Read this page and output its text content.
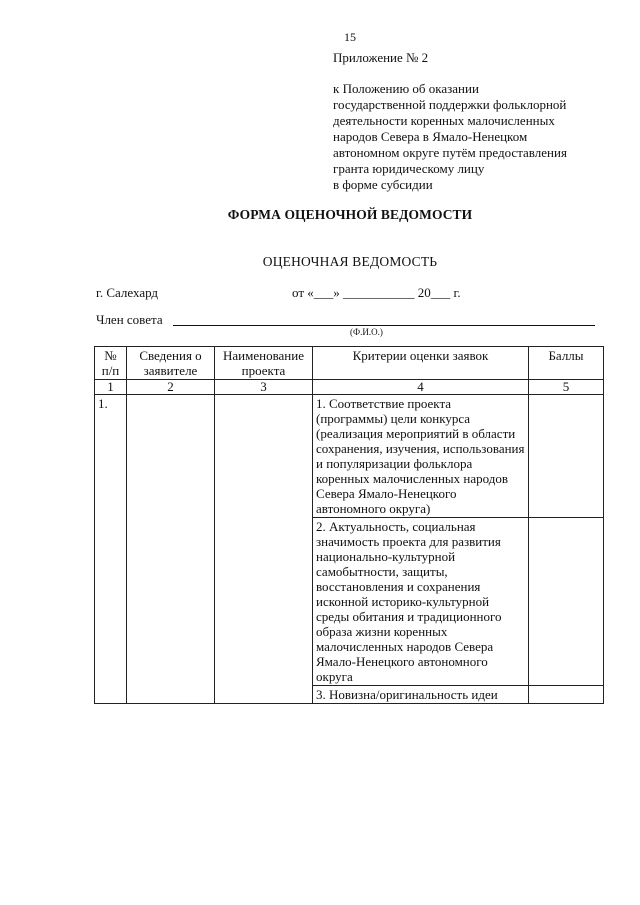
15
Приложение № 2
к Положению об оказании
государственной поддержки фольклорной
деятельности коренных малочисленных
народов Севера в Ямало-Ненецком
автономном округе путём предоставления
гранта юридическому лицу
в форме субсидии
ФОРМА ОЦЕНОЧНОЙ ВЕДОМОСТИ
ОЦЕНОЧНАЯ ВЕДОМОСТЬ
г. Салехард	от «___» ___________ 20___ г.
Член совета
(Ф.И.О.)
№ п/п	Сведения о заявителе	Наименование проекта	Критерии оценки заявок	Баллы
1	2	3	4	5
1.			1. Соответствие проекта (программы) цели конкурса (реализация мероприятий в области сохранения, изучения, использования и популяризации фольклора коренных малочисленных народов Севера Ямало-Ненецкого автономного округа)	
			2. Актуальность, социальная значимость проекта для развития национально-культурной самобытности, защиты, восстановления и сохранения исконной историко-культурной среды обитания и традиционного образа жизни коренных малочисленных народов Севера Ямало-Ненецкого автономного округа	
			3. Новизна/оригинальность идеи	
